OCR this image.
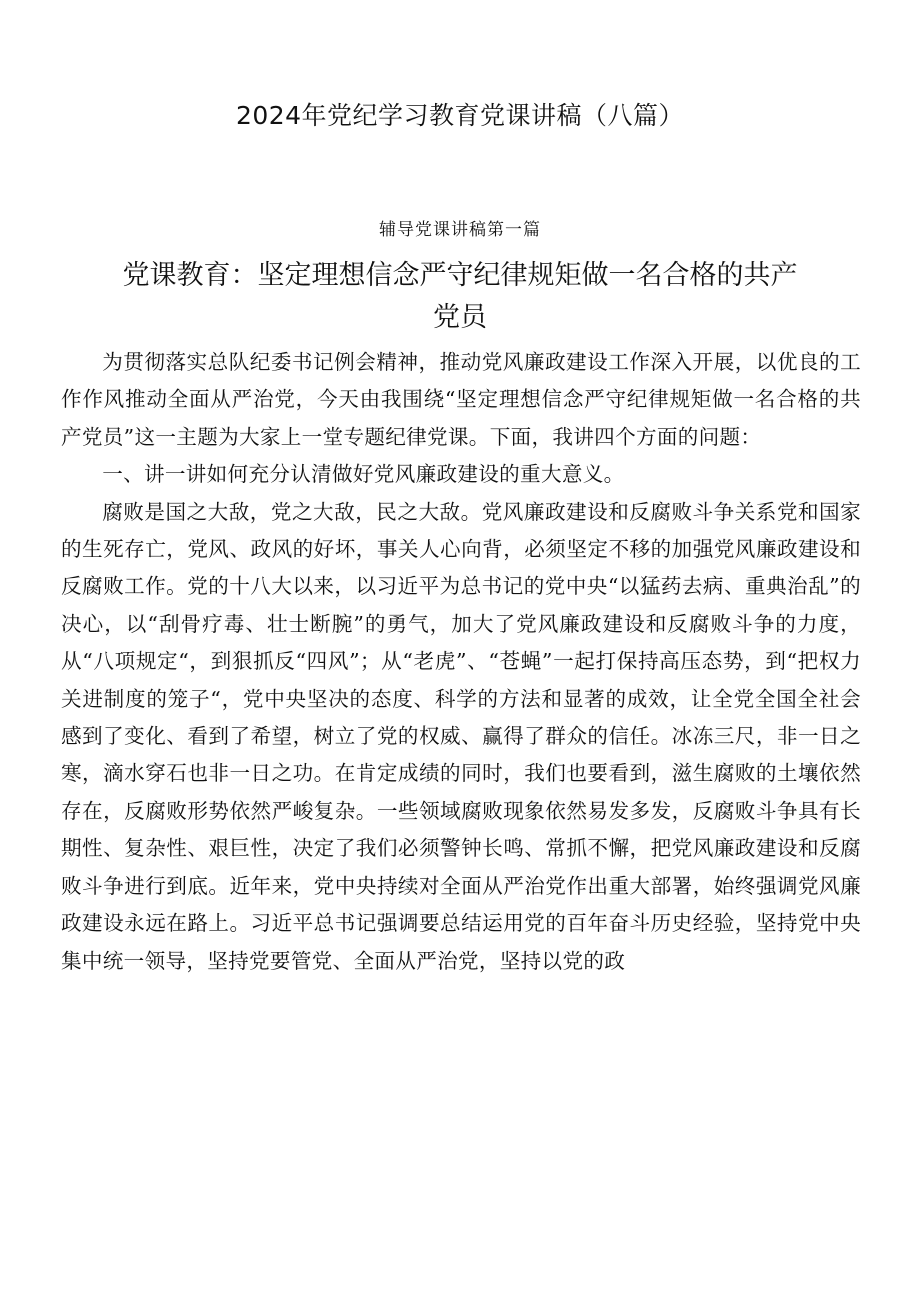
2024年党纪学习教育党课讲稿（八篇）
辅导党课讲稿第一篇
党课教育：坚定理想信念严守纪律规矩做一名合格的共产党员

为贯彻落实总队纪委书记例会精神，推动党风廉政建设工作深入开展，以优良的工作作风推动全面从严治党，今天由我围绕“坚定理想信念严守纪律规矩做一名合格的共产党员”这一主题为大家上一堂专题纪律党课。下面，我讲四个方面的问题：

一、讲一讲如何充分认清做好党风廉政建设的重大意义。

腐败是国之大敌，党之大敌，民之大敌。党风廉政建设和反腐败斗争关系党和国家的生死存亡，党风、政风的好坏，事关人心向背，必须坚定不移的加强党风廉政建设和反腐败工作。党的十八大以来，以习近平为总书记的党中央“以猛药去病、重典治乱”的决心，以“刮骨疗毒、壮士断腕”的勇气，加大了党风廉政建设和反腐败斗争的力度，从“八项规定“，到狠抓反“四风”；从“老虎”、“苍蝇”一起打保持高压态势，到“把权力关进制度的笼子“，党中央坚决的态度、科学的方法和显著的成效，让全党全国全社会感到了变化、看到了希望，树立了党的权威、赢得了群众的信任。冰冻三尺，非一日之寒，滴水穿石也非一日之功。在肯定成绩的同时，我们也要看到，滋生腐败的土壤依然存在，反腐败形势依然严峻复杂。一些领域腐败现象依然易发多发，反腐败斗争具有长期性、复杂性、艰巨性，决定了我们必须警钟长鸣、常抓不懈，把党风廉政建设和反腐败斗争进行到底。近年来，党中央持续对全面从严治党作出重大部署，始终强调党风廉政建设永远在路上。习近平总书记强调要总结运用党的百年奋斗历史经验，坚持党中央集中统一领导，坚持党要管党、全面从严治党，坚持以党的政
